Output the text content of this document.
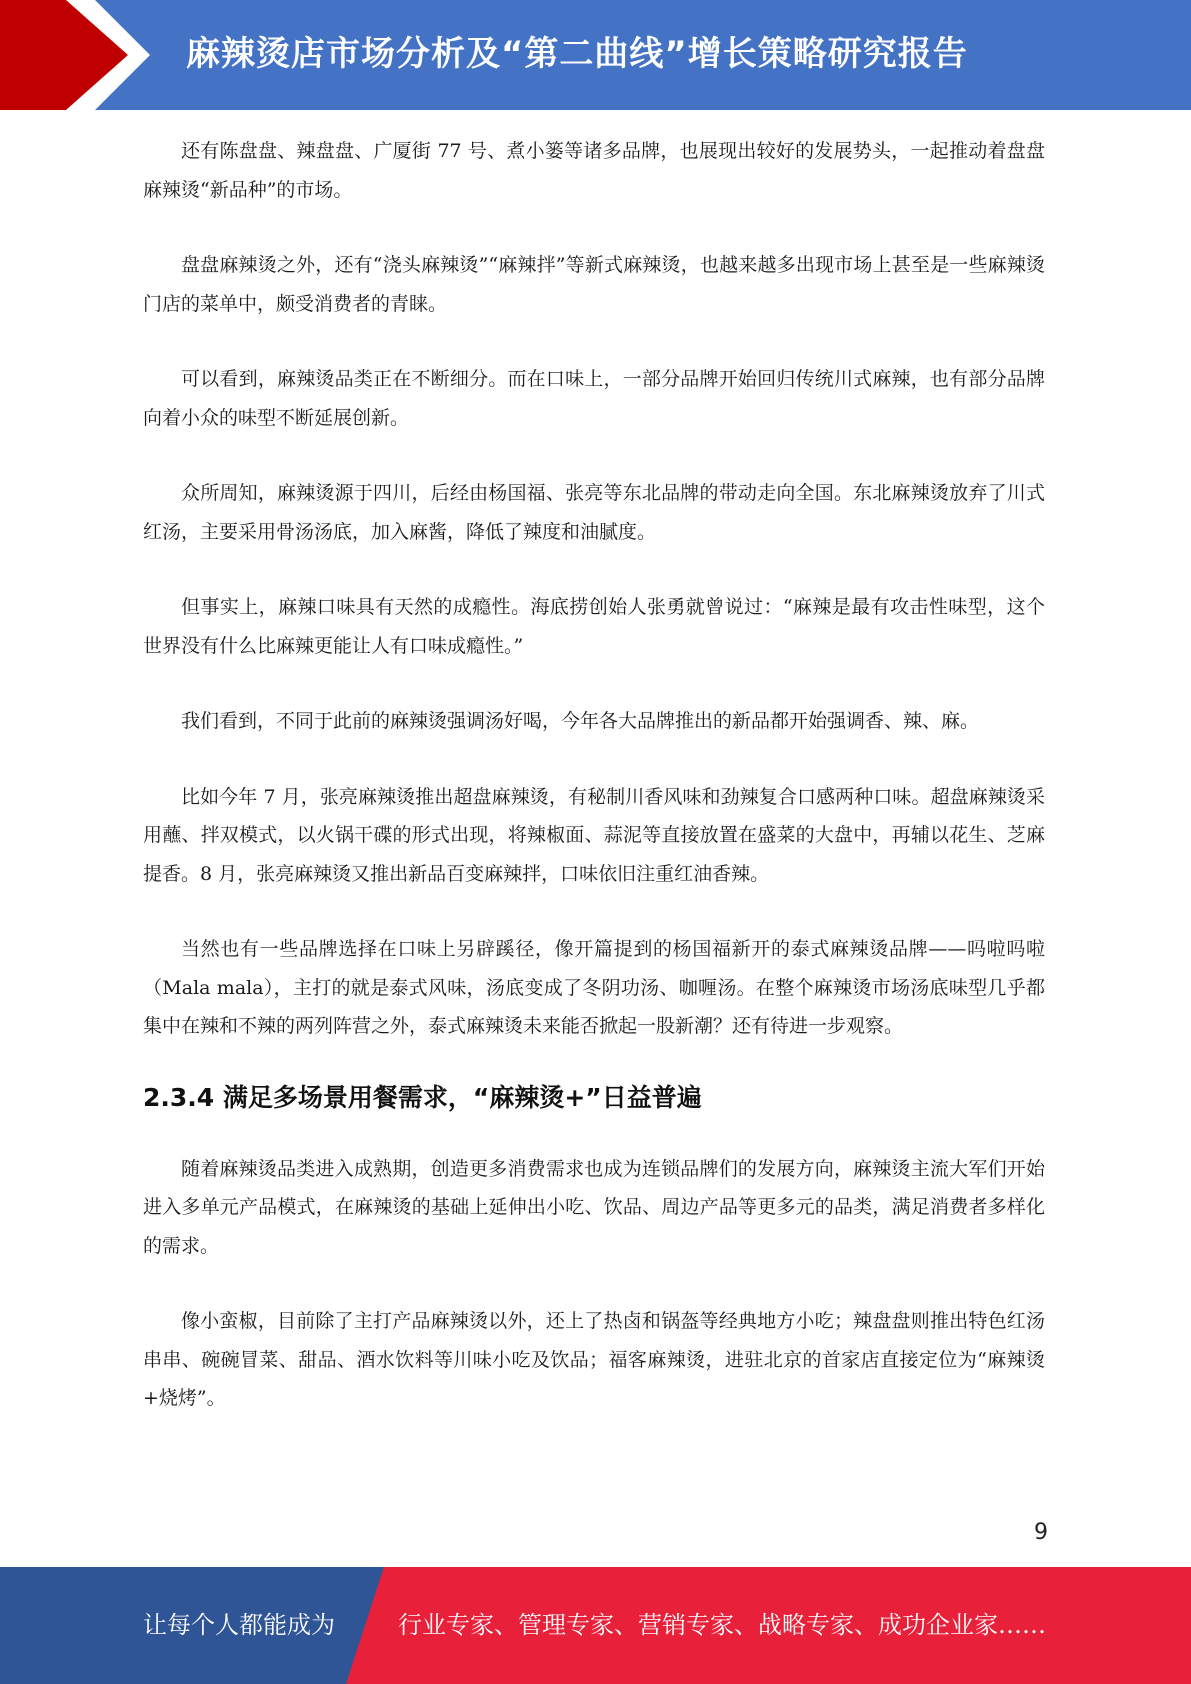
麻辣烫店市场分析及“第二曲线”增长策略研究报告

还有陈盘盘、辣盘盘、广厦街 77 号、煮小篓等诸多品牌，也展现出较好的发展势头，一起推动着盘盘麻辣烫“新品种”的市场。

盘盘麻辣烫之外，还有“浇头麻辣烫”“麻辣拌”等新式麻辣烫，也越来越多出现市场上甚至是一些麻辣烫门店的菜单中，颇受消费者的青睐。

可以看到，麻辣烫品类正在不断细分。而在口味上，一部分品牌开始回归传统川式麻辣，也有部分品牌向着小众的味型不断延展创新。

众所周知，麻辣烫源于四川，后经由杨国福、张亮等东北品牌的带动走向全国。东北麻辣烫放弃了川式红汤，主要采用骨汤汤底，加入麻酱，降低了辣度和油腻度。

但事实上，麻辣口味具有天然的成瘾性。海底捞创始人张勇就曾说过：“麻辣是最有攻击性味型，这个世界没有什么比麻辣更能让人有口味成瘾性。”

我们看到，不同于此前的麻辣烫强调汤好喝，今年各大品牌推出的新品都开始强调香、辣、麻。

比如今年 7 月，张亮麻辣烫推出超盘麻辣烫，有秘制川香风味和劲辣复合口感两种口味。超盘麻辣烫采用蘸、拌双模式，以火锅干碟的形式出现，将辣椒面、蒜泥等直接放置在盛菜的大盘中，再辅以花生、芝麻提香。8 月，张亮麻辣烫又推出新品百变麻辣拌，口味依旧注重红油香辣。

当然也有一些品牌选择在口味上另辟蹊径，像开篇提到的杨国福新开的泰式麻辣烫品牌——吗啦吗啦（Mala mala），主打的就是泰式风味，汤底变成了冬阴功汤、咖喱汤。在整个麻辣烫市场汤底味型几乎都集中在辣和不辣的两列阵营之外，泰式麻辣烫未来能否掀起一股新潮？还有待进一步观察。

2.3.4 满足多场景用餐需求，“麻辣烫+”日益普遍

随着麻辣烫品类进入成熟期，创造更多消费需求也成为连锁品牌们的发展方向，麻辣烫主流大军们开始进入多单元产品模式，在麻辣烫的基础上延伸出小吃、饮品、周边产品等更多元的品类，满足消费者多样化的需求。

像小蛮椒，目前除了主打产品麻辣烫以外，还上了热卤和锅盔等经典地方小吃；辣盘盘则推出特色红汤串串、碗碗冒菜、甜品、酒水饮料等川味小吃及饮品；福客麻辣烫，进驻北京的首家店直接定位为“麻辣烫+烧烤”。

9
让每个人都能成为	行业专家、管理专家、营销专家、战略专家、成功企业家……
